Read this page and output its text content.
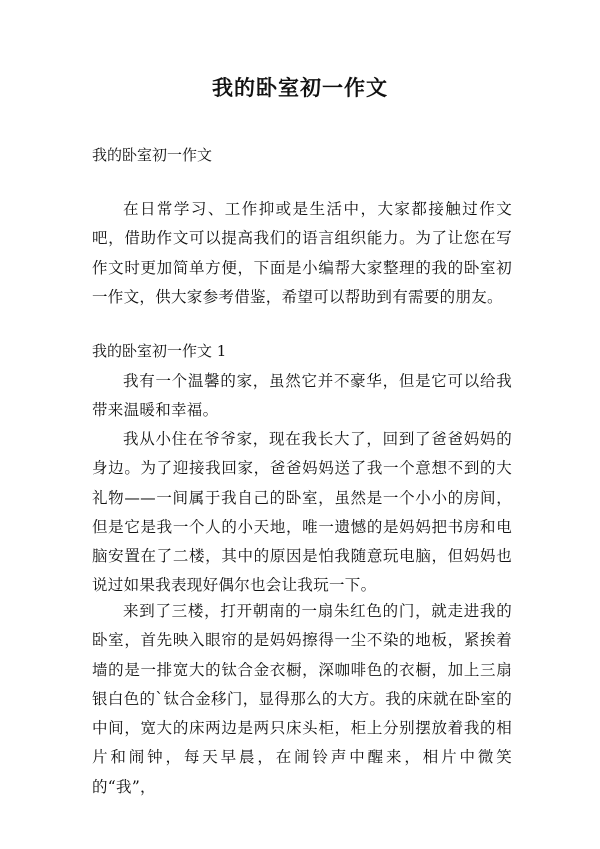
我的卧室初一作文

我的卧室初一作文

在日常学习、工作抑或是生活中，大家都接触过作文吧，借助作文可以提高我们的语言组织能力。为了让您在写作文时更加简单方便，下面是小编帮大家整理的我的卧室初一作文，供大家参考借鉴，希望可以帮助到有需要的朋友。

我的卧室初一作文 1

我有一个温馨的家，虽然它并不豪华，但是它可以给我带来温暖和幸福。

我从小住在爷爷家，现在我长大了，回到了爸爸妈妈的身边。为了迎接我回家，爸爸妈妈送了我一个意想不到的大礼物——一间属于我自己的卧室，虽然是一个小小的房间，但是它是我一个人的小天地，唯一遗憾的是妈妈把书房和电脑安置在了二楼，其中的原因是怕我随意玩电脑，但妈妈也说过如果我表现好偶尔也会让我玩一下。

来到了三楼，打开朝南的一扇朱红色的门，就走进我的卧室，首先映入眼帘的是妈妈擦得一尘不染的地板，紧挨着墙的是一排宽大的钛合金衣橱，深咖啡色的衣橱，加上三扇银白色的`钛合金移门，显得那么的大方。我的床就在卧室的中间，宽大的床两边是两只床头柜，柜上分别摆放着我的相片和闹钟，每天早晨，在闹铃声中醒来，相片中微笑的“我”，
